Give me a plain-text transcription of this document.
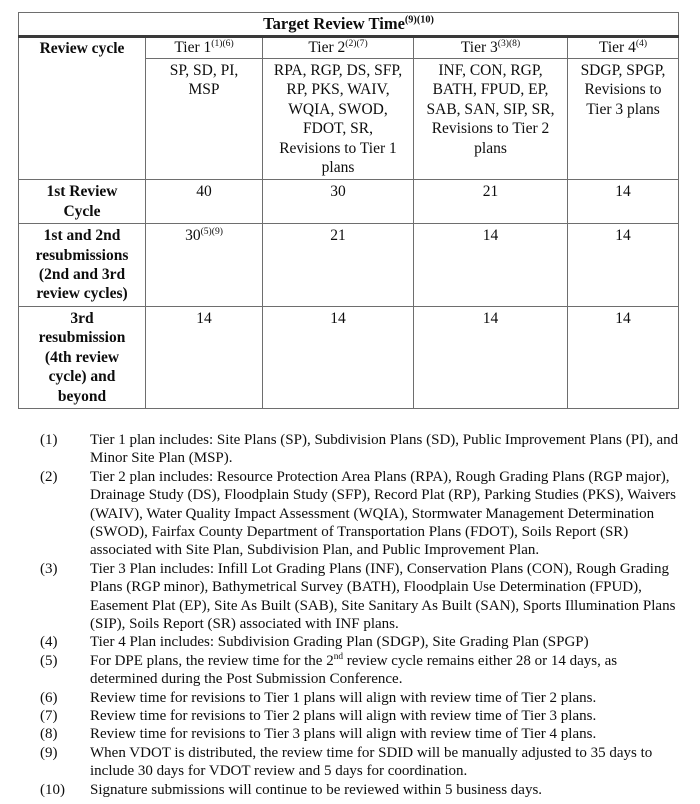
Target Review Time$^{(9)(10)}$
Review cycle	Tier 1$^{(1)(6)}$	Tier 2$^{(2)(7)}$	Tier 3$^{(3)(8)}$	Tier 4$^{(4)}$
	SP, SD, PI, MSP	RPA, RGP, DS, SFP, RP, PKS, WAIV, WQIA, SWOD, FDOT, SR, Revisions to Tier 1 plans	INF, CON, RGP, BATH, FPUD, EP, SAB, SAN, SIP, SR, Revisions to Tier 2 plans	SDGP, SPGP, Revisions to Tier 3 plans
1st Review Cycle	40	30	21	14
1st and 2nd resubmissions (2nd and 3rd review cycles)	30$^{(5)(9)}$	21	14	14
3rd resubmission (4th review cycle) and beyond	14	14	14	14
(1)	Tier 1 plan includes: Site Plans (SP), Subdivision Plans (SD), Public Improvement Plans (PI), and Minor Site Plan (MSP).
(2)	Tier 2 plan includes: Resource Protection Area Plans (RPA), Rough Grading Plans (RGP major), Drainage Study (DS), Floodplain Study (SFP), Record Plat (RP), Parking Studies (PKS), Waivers (WAIV), Water Quality Impact Assessment (WQIA), Stormwater Management Determination (SWOD), Fairfax County Department of Transportation Plans (FDOT), Soils Report (SR) associated with Site Plan, Subdivision Plan, and Public Improvement Plan.
(3)	Tier 3 Plan includes: Infill Lot Grading Plans (INF), Conservation Plans (CON), Rough Grading Plans (RGP minor), Bathymetrical Survey (BATH), Floodplain Use Determination (FPUD), Easement Plat (EP), Site As Built (SAB), Site Sanitary As Built (SAN), Sports Illumination Plans (SIP), Soils Report (SR) associated with INF plans.
(4)	Tier 4 Plan includes: Subdivision Grading Plan (SDGP), Site Grading Plan (SPGP)
(5)	For DPE plans, the review time for the 2nd review cycle remains either 28 or 14 days, as determined during the Post Submission Conference.
(6)	Review time for revisions to Tier 1 plans will align with review time of Tier 2 plans.
(7)	Review time for revisions to Tier 2 plans will align with review time of Tier 3 plans.
(8)	Review time for revisions to Tier 3 plans will align with review time of Tier 4 plans.
(9)	When VDOT is distributed, the review time for SDID will be manually adjusted to 35 days to include 30 days for VDOT review and 5 days for coordination.
(10)	Signature submissions will continue to be reviewed within 5 business days.
